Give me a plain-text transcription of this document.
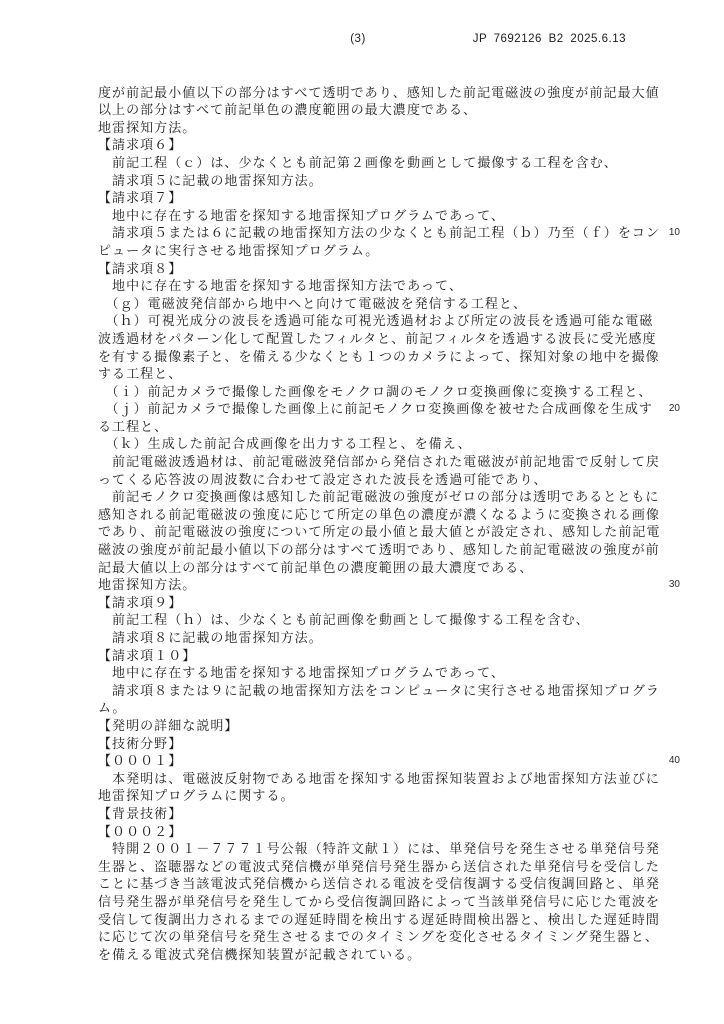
(3)	JP 7692126 B2 2025.6.13

度が前記最小値以下の部分はすべて透明であり、感知した前記電磁波の強度が前記最大値

以上の部分はすべて前記単色の濃度範囲の最大濃度である、

地雷探知方法。

【請求項６】

　前記工程（ｃ）は、少なくとも前記第２画像を動画として撮像する工程を含む、

　請求項５に記載の地雷探知方法。

【請求項７】

　地中に存在する地雷を探知する地雷探知プログラムであって、

　請求項５または６に記載の地雷探知方法の少なくとも前記工程（ｂ）乃至（ｆ）をコン

ピュータに実行させる地雷探知プログラム。

10

【請求項８】

　地中に存在する地雷を探知する地雷探知方法であって、

　（ｇ）電磁波発信部から地中へと向けて電磁波を発信する工程と、

　（ｈ）可視光成分の波長を透過可能な可視光透過材および所定の波長を透過可能な電磁

波透過材をパターン化して配置したフィルタと、前記フィルタを透過する波長に受光感度

を有する撮像素子と、を備える少なくとも１つのカメラによって、探知対象の地中を撮像

する工程と、

　（ｉ）前記カメラで撮像した画像をモノクロ調のモノクロ変換画像に変換する工程と、

　（ｊ）前記カメラで撮像した画像上に前記モノクロ変換画像を被せた合成画像を生成す

る工程と、

20

　（ｋ）生成した前記合成画像を出力する工程と、を備え、

　前記電磁波透過材は、前記電磁波発信部から発信された電磁波が前記地雷で反射して戻

ってくる応答波の周波数に合わせて設定された波長を透過可能であり、

　前記モノクロ変換画像は感知した前記電磁波の強度がゼロの部分は透明であるとともに

感知される前記電磁波の強度に応じて所定の単色の濃度が濃くなるように変換される画像

であり、前記電磁波の強度について所定の最小値と最大値とが設定され、感知した前記電

磁波の強度が前記最小値以下の部分はすべて透明であり、感知した前記電磁波の強度が前

記最大値以上の部分はすべて前記単色の濃度範囲の最大濃度である、

地雷探知方法。

【請求項９】

30

　前記工程（ｈ）は、少なくとも前記画像を動画として撮像する工程を含む、

　請求項８に記載の地雷探知方法。

【請求項１０】

　地中に存在する地雷を探知する地雷探知プログラムであって、

　請求項８または９に記載の地雷探知方法をコンピュータに実行させる地雷探知プログラ

ム。

【発明の詳細な説明】

【技術分野】

【０００１】

　本発明は、電磁波反射物である地雷を探知する地雷探知装置および地雷探知方法並びに

40

地雷探知プログラムに関する。

【背景技術】

【０００２】

　特開２００１－７７７１号公報（特許文献１）には、単発信号を発生させる単発信号発

生器と、盗聴器などの電波式発信機が単発信号発生器から送信された単発信号を受信した

ことに基づき当該電波式発信機から送信される電波を受信復調する受信復調回路と、単発

信号発生器が単発信号を発生してから受信復調回路によって当該単発信号に応じた電波を

受信して復調出力されるまでの遅延時間を検出する遅延時間検出器と、検出した遅延時間

に応じて次の単発信号を発生させるまでのタイミングを変化させるタイミング発生器と、

を備える電波式発信機探知装置が記載されている。
